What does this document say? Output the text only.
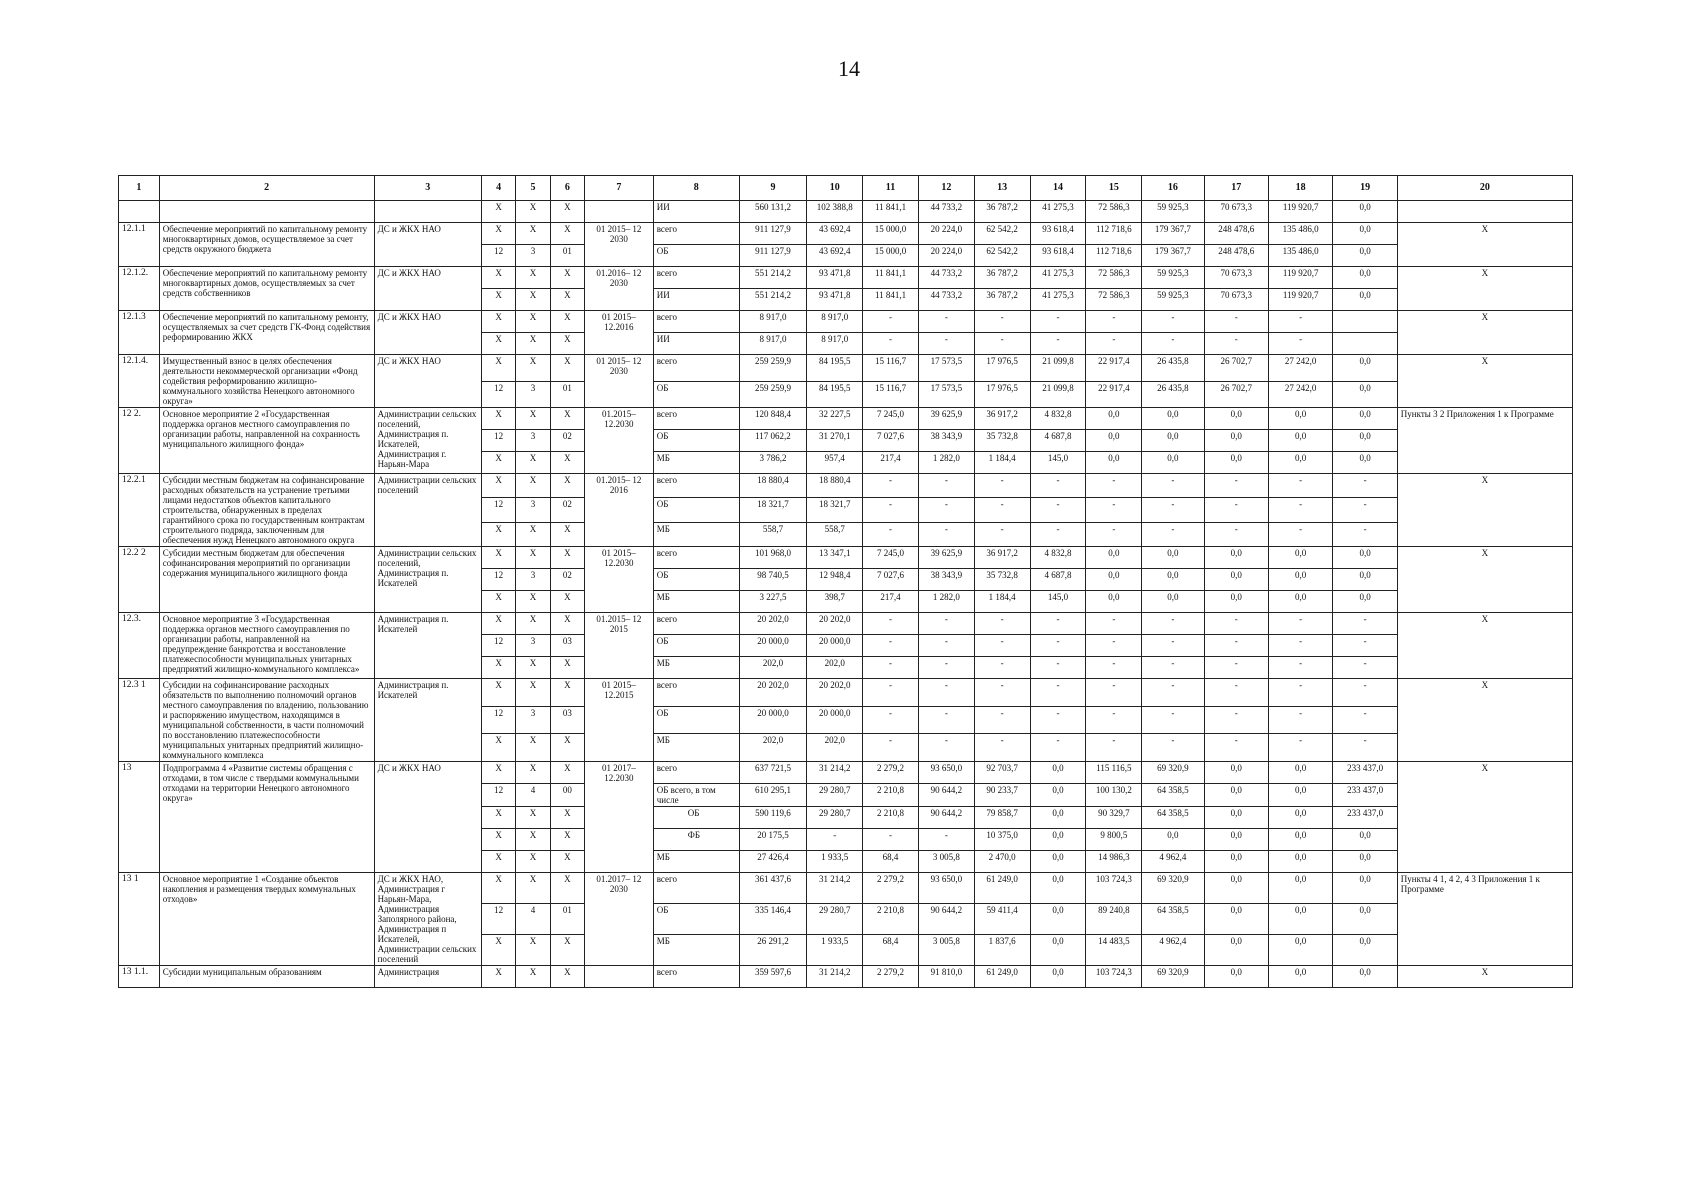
14
1	2	3	4	5	6	7	8	9	10	11	12	13	14	15	16	17	18	19	20
			Х	Х	Х		ИИ	560 131,2	102 388,8	11 841,1	44 733,2	36 787,2	41 275,3	72 586,3	59 925,3	70 673,3	119 920,7	0,0	
12.1.1	Обеспечение мероприятий по капитальному ремонту многоквартирных домов, осуществляемое за счет средств окружного бюджета	ДС и ЖКХ НАО	Х	Х	Х	01 2015– 12 2030	всего	911 127,9	43 692,4	15 000,0	20 224,0	62 542,2	93 618,4	112 718,6	179 367,7	248 478,6	135 486,0	0,0	Х
			12	3	01		ОБ	911 127,9	43 692,4	15 000,0	20 224,0	62 542,2	93 618,4	112 718,6	179 367,7	248 478,6	135 486,0	0,0	
12.1.2.	Обеспечение мероприятий по капитальному ремонту многоквартирных домов, осуществляемых за счет средств собственников	ДС и ЖКХ НАО	Х	Х	Х	01.2016– 12 2030	всего	551 214,2	93 471,8	11 841,1	44 733,2	36 787,2	41 275,3	72 586,3	59 925,3	70 673,3	119 920,7	0,0	Х
			Х	Х	Х		ИИ	551 214,2	93 471,8	11 841,1	44 733,2	36 787,2	41 275,3	72 586,3	59 925,3	70 673,3	119 920,7	0,0	
12.1.3	Обеспечение мероприятий по капитальному ремонту, осуществляемых за счет средств ГК-Фонд содействия реформированию ЖКХ	ДС и ЖКХ НАО	Х	Х	Х	01 2015– 12.2016	всего	8 917,0	8 917,0	-	-	-	-	-	-	-	-		Х
			Х	Х	Х		ИИ	8 917,0	8 917,0	-	-	-	-	-	-	-	-		
12.1.4.	Имущественный взнос в целях обеспечения деятельности некоммерческой организации «Фонд содействия реформированию жилищно-коммунального хозяйства Ненецкого автономного округа»	ДС и ЖКХ НАО	Х	Х	Х	01 2015– 12 2030	всего	259 259,9	84 195,5	15 116,7	17 573,5	17 976,5	21 099,8	22 917,4	26 435,8	26 702,7	27 242,0	0,0	Х
			12	3	01		ОБ	259 259,9	84 195,5	15 116,7	17 573,5	17 976,5	21 099,8	22 917,4	26 435,8	26 702,7	27 242,0	0,0	
12 2.	Основное мероприятие 2 «Государственная поддержка органов местного самоуправления по организации работы, направленной на сохранность муниципального жилищного фонда»	Администрации сельских поселений, Администрация п. Искателей, Администрация г. Нарьян-Мара	Х	Х	Х	01.2015– 12.2030	всего	120 848,4	32 227,5	7 245,0	39 625,9	36 917,2	4 832,8	0,0	0,0	0,0	0,0	0,0	Пункты 3 2 Приложения 1 к Программе
			12	3	02		ОБ	117 062,2	31 270,1	7 027,6	38 343,9	35 732,8	4 687,8	0,0	0,0	0,0	0,0	0,0	
			Х	Х	Х		МБ	3 786,2	957,4	217,4	1 282,0	1 184,4	145,0	0,0	0,0	0,0	0,0	0,0	
12.2.1	Субсидии местным бюджетам на софинансирование расходных обязательств на устранение третьими лицами недостатков объектов капитального строительства, обнаруженных в пределах гарантийного срока по государственным контрактам строительного подряда, заключенным для обеспечения нужд Ненецкого автономного округа	Администрации сельских поселений	Х	Х	Х	01.2015– 12 2016	всего	18 880,4	18 880,4	-	-	-	-	-	-	-	-	-	Х
			12	3	02		ОБ	18 321,7	18 321,7	-	-	-	-	-	-	-	-	-	
			Х	Х	Х		МБ	558,7	558,7	-	-	-	-	-	-	-	-	-	
12.2 2	Субсидии местным бюджетам для обеспечения софинансирования мероприятий по организации содержания муниципального жилищного фонда	Администрации сельских поселений, Администрация п. Искателей	Х	Х	Х	01 2015– 12.2030	всего	101 968,0	13 347,1	7 245,0	39 625,9	36 917,2	4 832,8	0,0	0,0	0,0	0,0	0,0	Х
			12	3	02		ОБ	98 740,5	12 948,4	7 027,6	38 343,9	35 732,8	4 687,8	0,0	0,0	0,0	0,0	0,0	
			Х	Х	Х		МБ	3 227,5	398,7	217,4	1 282,0	1 184,4	145,0	0,0	0,0	0,0	0,0	0,0	
12.3.	Основное мероприятие 3 «Государственная поддержка органов местного самоуправления по организации работы, направленной на предупреждение банкротства и восстановление платежеспособности муниципальных унитарных предприятий жилищно-коммунального комплекса»	Администрация п. Искателей	Х	Х	Х	01.2015– 12 2015	всего	20 202,0	20 202,0	-	-	-	-	-	-	-	-	-	Х
			12	3	03		ОБ	20 000,0	20 000,0	-	-	-	-	-	-	-	-	-	
			Х	Х	Х		МБ	202,0	202,0	-	-	-	-	-	-	-	-	-	
12.3 1	Субсидии на софинансирование расходных обязательств по выполнению полномочий органов местного самоуправления по владению, пользованию и распоряжению имуществом, находящимся в муниципальной собственности, в части полномочий по восстановлению платежеспособности муниципальных унитарных предприятий жилищно-коммунального комплекса	Администрация п. Искателей	Х	Х	Х	01 2015– 12.2015	всего	20 202,0	20 202,0	-	-	-	-	-	-	-	-	-	Х
			12	3	03		ОБ	20 000,0	20 000,0	-	-	-	-	-	-	-	-	-	
			Х	Х	Х		МБ	202,0	202,0	-	-	-	-	-	-	-	-	-	
13	Подпрограмма 4 «Развитие системы обращения с отходами, в том числе с твердыми коммунальными отходами на территории Ненецкого автономного округа»	ДС и ЖКХ НАО	Х	Х	Х	01 2017– 12.2030	всего	637 721,5	31 214,2	2 279,2	93 650,0	92 703,7	0,0	115 116,5	69 320,9	0,0	0,0	233 437,0	Х
			12	4	00		ОБ всего, в том числе	610 295,1	29 280,7	2 210,8	90 644,2	90 233,7	0,0	100 130,2	64 358,5	0,0	0,0	233 437,0	
			Х	Х	Х		ОБ	590 119,6	29 280,7	2 210,8	90 644,2	79 858,7	0,0	90 329,7	64 358,5	0,0	0,0	233 437,0	
			Х	Х	Х		ФБ	20 175,5	-	-	-	10 375,0	0,0	9 800,5	0,0	0,0	0,0	0,0	
			Х	Х	Х		МБ	27 426,4	1 933,5	68,4	3 005,8	2 470,0	0,0	14 986,3	4 962,4	0,0	0,0	0,0	
13 1	Основное мероприятие 1 «Создание объектов накопления и размещения твердых коммунальных отходов»	ДС и ЖКХ НАО, Администрация г Нарьян-Мара, Администрация Заполярного района, Администрация п Искателей, Администрации сельских поселений	Х	Х	Х	01.2017– 12 2030	всего	361 437,6	31 214,2	2 279,2	93 650,0	61 249,0	0,0	103 724,3	69 320,9	0,0	0,0	0,0	Пункты 4 1, 4 2, 4 3 Приложения 1 к Программе
			12	4	01		ОБ	335 146,4	29 280,7	2 210,8	90 644,2	59 411,4	0,0	89 240,8	64 358,5	0,0	0,0	0,0	
			Х	Х	Х		МБ	26 291,2	1 933,5	68,4	3 005,8	1 837,6	0,0	14 483,5	4 962,4	0,0	0,0	0,0	
13 1.1.	Субсидии муниципальным образованиям	Администрация	Х	Х	Х		всего	359 597,6	31 214,2	2 279,2	91 810,0	61 249,0	0,0	103 724,3	69 320,9	0,0	0,0	0,0	Х
